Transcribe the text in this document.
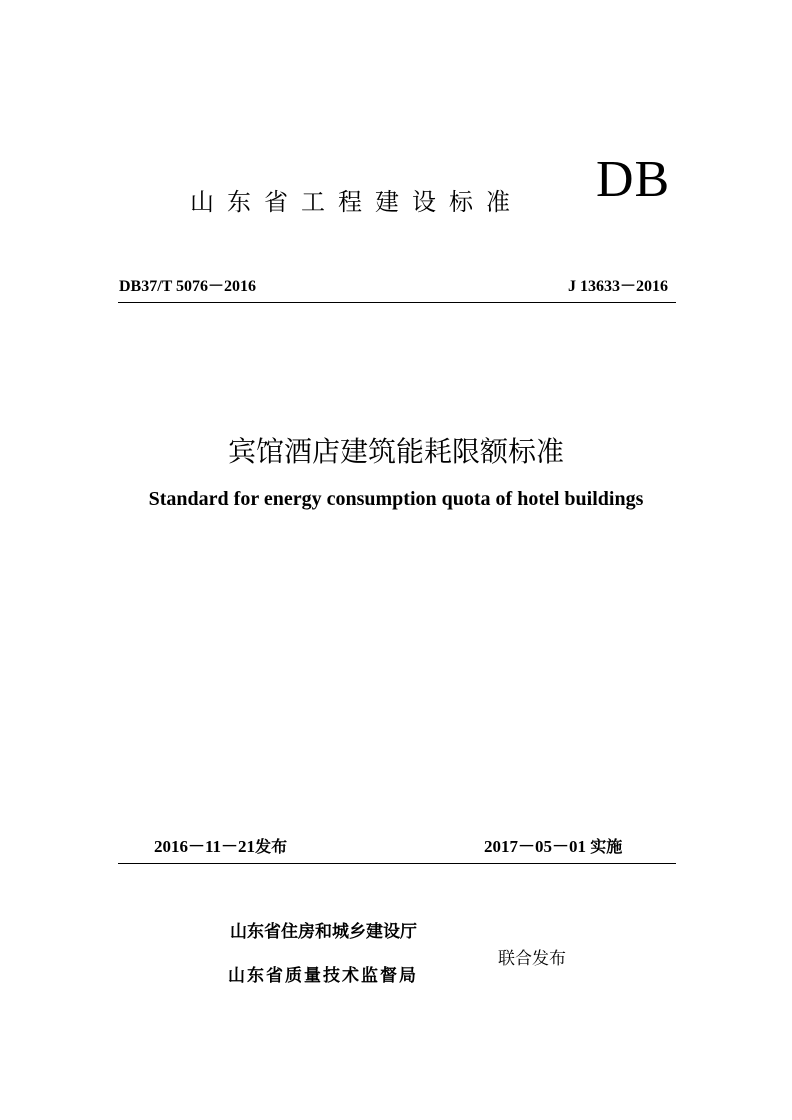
山东省工程建设标准 DB
DB37/T 5076－2016	J 13633－2016
宾馆酒店建筑能耗限额标准
Standard for energy consumption quota of hotel buildings
2016－11－21发布	2017－05－01 实施
山东省住房和城乡建设厅
山东省质量技术监督局
联合发布
